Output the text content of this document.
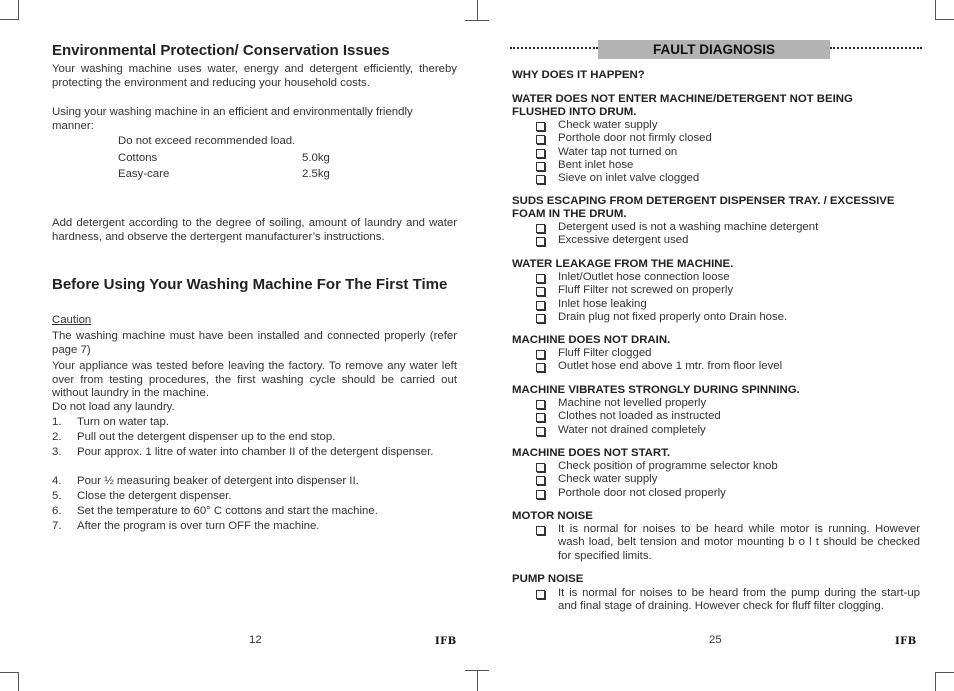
Environmental Protection/ Conservation Issues
Your washing machine uses water, energy and detergent efficiently, thereby protecting the environment and reducing your household costs.
Using your washing machine in an efficient and environmentally friendly manner:
Do not exceed recommended load.
Cottons	5.0kg
Easy-care	2.5kg
Add detergent according to the degree of soiling, amount of laundry and water hardness, and observe the dertergent manufacturer’s instructions.
Before Using Your Washing Machine For The First Time
Caution
The washing machine must have been installed and connected properly (refer page 7)
Your appliance was tested before leaving the factory. To remove any water left over from testing procedures, the first washing cycle should be carried out without laundry in the machine.
Do not load any laundry.
1. Turn on water tap.
2. Pull out the detergent dispenser up to the end stop.
3. Pour approx. 1 litre of water into chamber II of the detergent dispenser.
4. Pour ½ measuring beaker of detergent into dispenser II.
5. Close the detergent dispenser.
6. Set the temperature to 60° C cottons and start the machine.
7. After the program is over turn OFF the machine.
12	IFB
FAULT DIAGNOSIS
WHY DOES IT HAPPEN?
WATER DOES NOT ENTER MACHINE/DETERGENT NOT BEING FLUSHED INTO DRUM.
Check water supply
Porthole door not firmly closed
Water tap not turned on
Bent inlet hose
Sieve on inlet valve clogged
SUDS ESCAPING FROM DETERGENT DISPENSER TRAY. / EXCESSIVE FOAM IN THE DRUM.
Detergent used is not a washing machine detergent
Excessive detergent used
WATER LEAKAGE FROM THE MACHINE.
Inlet/Outlet hose connection loose
Fluff Filter not screwed on properly
Inlet hose leaking
Drain plug not fixed properly onto Drain hose.
MACHINE DOES NOT DRAIN.
Fluff Filter clogged
Outlet hose end above 1 mtr. from floor level
MACHINE VIBRATES STRONGLY DURING SPINNING.
Machine not levelled properly
Clothes not loaded as instructed
Water not drained completely
MACHINE DOES NOT START.
Check position of programme selector knob
Check water supply
Porthole door not closed properly
MOTOR NOISE
It is normal for noises to be heard while motor is running. However wash load, belt tension and motor mounting b o l t should be checked for specified limits.
PUMP NOISE
It is normal for noises to be heard from the pump during the start-up and final stage of draining. However check for fluff filter clogging.
25	IFB
